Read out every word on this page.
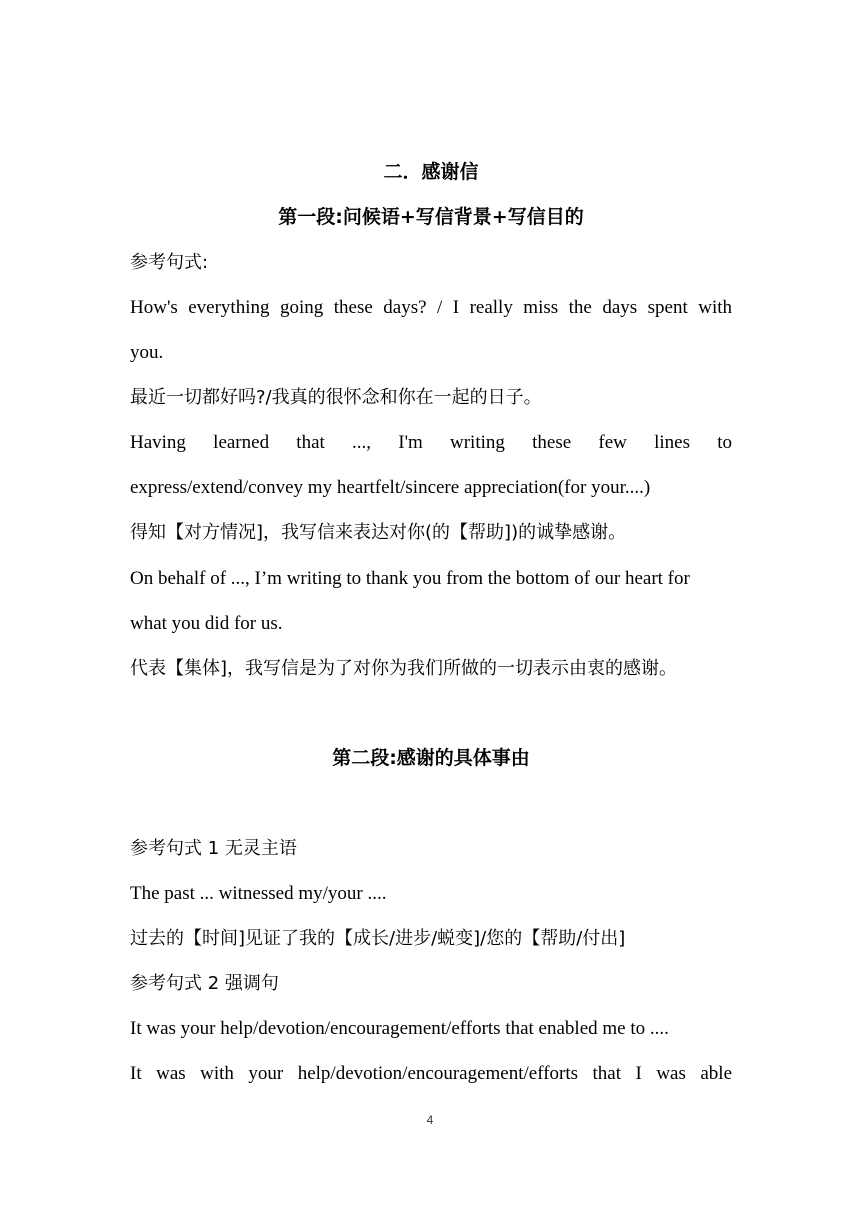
二．感谢信
第一段:问候语+写信背景+写信目的
参考句式:
How's everything going these days? / I really miss the days spent with
you.
最近一切都好吗?/我真的很怀念和你在一起的日子。
Having learned that ..., I'm writing these few lines to
express/extend/convey my heartfelt/sincere appreciation(for your....)
得知【对方情况]，我写信来表达对你(的【帮助])的诚挚感谢。
On behalf of ..., I’m writing to thank you from the bottom of our heart for
what you did for us.
代表【集体]，我写信是为了对你为我们所做的一切表示由衷的感谢。
第二段:感谢的具体事由
参考句式 1 无灵主语
The past ... witnessed my/your ....
过去的【时间]见证了我的【成长/进步/蜕变]/您的【帮助/付出]
参考句式 2 强调句
It was your help/devotion/encouragement/efforts that enabled me to ....
It was with your help/devotion/encouragement/efforts that I was able
4
